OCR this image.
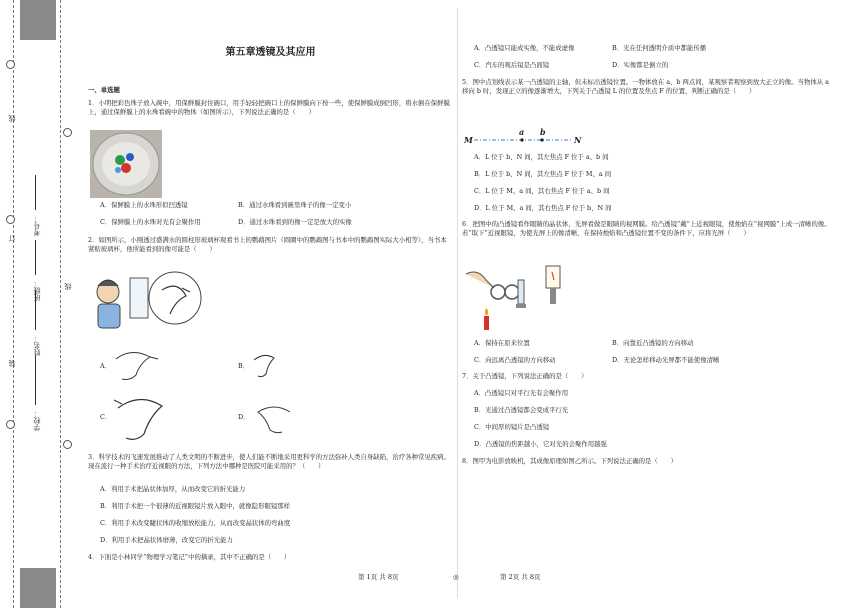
线
订
装
线
学校：
姓名：
班级：
考号：
第五章透镜及其应用
一、单选题
1．小明把彩色珠子放入碗中，用保鲜膜封住碗口，用手轻轻把碗口上的保鲜膜向下按一些，使保鲜膜成倒凹形，将水倒在保鲜膜上，通过保鲜膜上的水珠看碗中的物体（如图所示），下列说法正确的是（　　）
A．保鲜膜上的水珠形似凹透镜	B．通过水珠看到碗里珠子的像一定变小
C．保鲜膜上的水珠对光有会聚作用	D．通过水珠看到的像一定是放大的实像
2．如图所示，小刚透过盛满水的圆柱形玻璃杯观看书上的鹦鹉图片（圆圈中的鹦鹉图与书本中的鹦鹉图实际大小相等），当书本紧贴玻璃杯，他所能看到的像可能是（　　）
A．	B．
C．	D．
3．科学技术的飞速发展推动了人类文明的不断进步，使人们能不断地采用更科学的方法弥补人类自身缺陷，治疗各种常见疾病。现在流行一种手术治疗近视眼的方法，下列方法中哪种是医院可能采用的？（　　）
A．利用手术把晶状体加厚，从而改变它的折光能力
B．利用手术把一个很薄的近视眼镜片放入眼中，就像隐形眼镜那样
C．利用手术改变睫状体的收缩放松能力，从而改变晶状体的弯曲度
D．利用手术把晶状体磨薄，改变它的折光能力
4．下面是小林同学“物理学习笔记”中的摘录，其中不正确的是（　　）
第 1页 共 8页	◎
A．凸透镜只能成实像，不能成虚像	B．光在任何透明介质中都能传播
C．汽车的观后镜是凸面镜	D．实像都是倒立的
5．图中点划线表示某一凸透镜的主轴，但未标出透镜位置。一物体放在 a、b 两点间，某观察者观察到放大正立的像。当物体从 a 移向 b 时，发现正立的像逐渐增大，下列关于凸透镜 L 的位置及焦点 F 的位置，判断正确的是（　　）
M	N
a b
A．L 位于 b、N 间，其左焦点 F 位于 a、b 间
B．L 位于 b、N 间，其左焦点 F 位于 M、a 间
C．L 位于 M、a 间，其右焦点 F 位于 a、b 间
D．L 位于 M、a 间，其右焦点 F 位于 b、N 间
6．把图中的凸透镜看作眼睛的晶状体，光屏看做是眼睛的视网膜。给凸透镜“戴”上近视眼镜，使烛焰在“视网膜”上成一清晰的像。若“取下”近视眼镜，为使光屏上的像清晰，在保持烛焰和凸透镜位置不变的条件下，应将光屏（　　）
A．保持在原来位置	B．向靠近凸透镜的方向移动
C．向远离凸透镜的方向移动	D．无论怎样移动光屏都不能使像清晰
7．关于凸透镜，下列说法正确的是（　　）
A．凸透镜只对平行光有会聚作用
B．光通过凸透镜都会变成平行光
C．中间厚的镜片是凸透镜
D．凸透镜的焦距越小，它对光的会聚作用越强
8．图甲为电影放映机，其成像原理如图乙所示。下列说法正确的是（　　）
第 2页 共 8页
